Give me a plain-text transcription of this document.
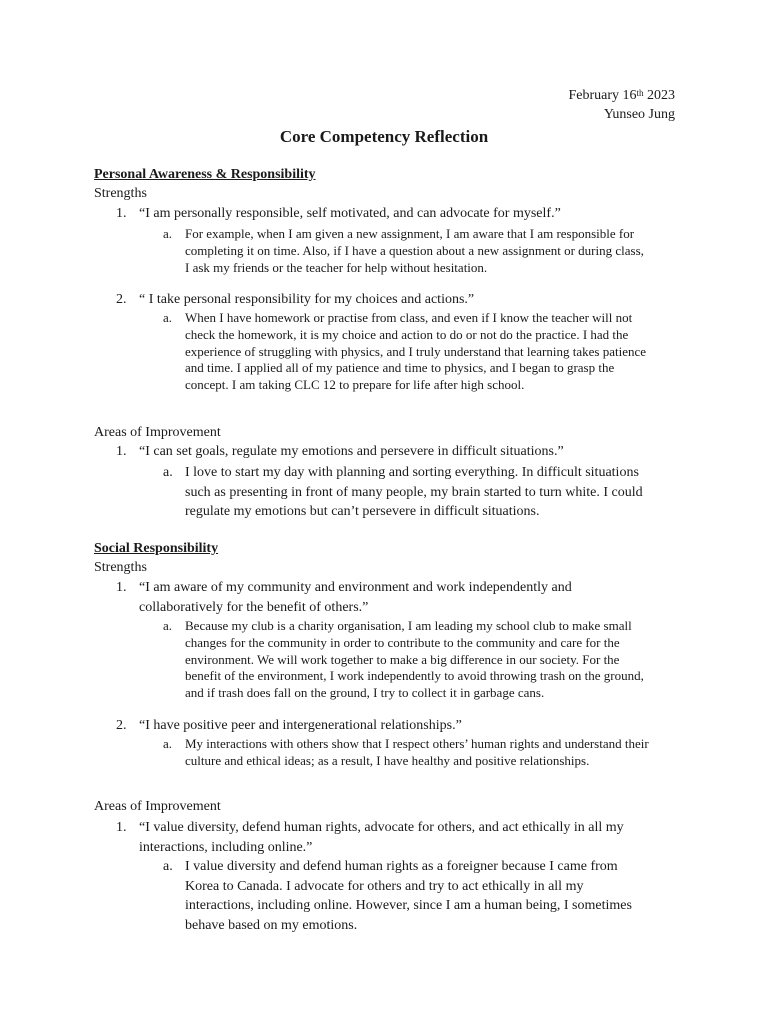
February 16th 2023
Yunseo Jung
Core Competency Reflection
Personal Awareness & Responsibility
Strengths
1. “I am personally responsible, self motivated, and can advocate for myself.”
a. For example, when I am given a new assignment, I am aware that I am responsible for completing it on time. Also, if I have a question about a new assignment or during class, I ask my friends or the teacher for help without hesitation.
2. “ I take personal responsibility for my choices and actions.”
a. When I have homework or practise from class, and even if I know the teacher will not check the homework, it is my choice and action to do or not do the practice. I had the experience of struggling with physics, and I truly understand that learning takes patience and time. I applied all of my patience and time to physics, and I began to grasp the concept. I am taking CLC 12 to prepare for life after high school.
Areas of Improvement
1. “I can set goals, regulate my emotions and persevere in difficult situations.”
a. I love to start my day with planning and sorting everything. In difficult situations such as presenting in front of many people, my brain started to turn white. I could regulate my emotions but can’t persevere in difficult situations.
Social Responsibility
Strengths
1. “I am aware of my community and environment and work independently and collaboratively for the benefit of others.”
a. Because my club is a charity organisation, I am leading my school club to make small changes for the community in order to contribute to the community and care for the environment. We will work together to make a big difference in our society. For the benefit of the environment, I work independently to avoid throwing trash on the ground, and if trash does fall on the ground, I try to collect it in garbage cans.
2. “I have positive peer and intergenerational relationships.”
a. My interactions with others show that I respect others’ human rights and understand their culture and ethical ideas; as a result, I have healthy and positive relationships.
Areas of Improvement
1. “I value diversity, defend human rights, advocate for others, and act ethically in all my interactions, including online.”
a. I value diversity and defend human rights as a foreigner because I came from Korea to Canada. I advocate for others and try to act ethically in all my interactions, including online. However, since I am a human being, I sometimes behave based on my emotions.
